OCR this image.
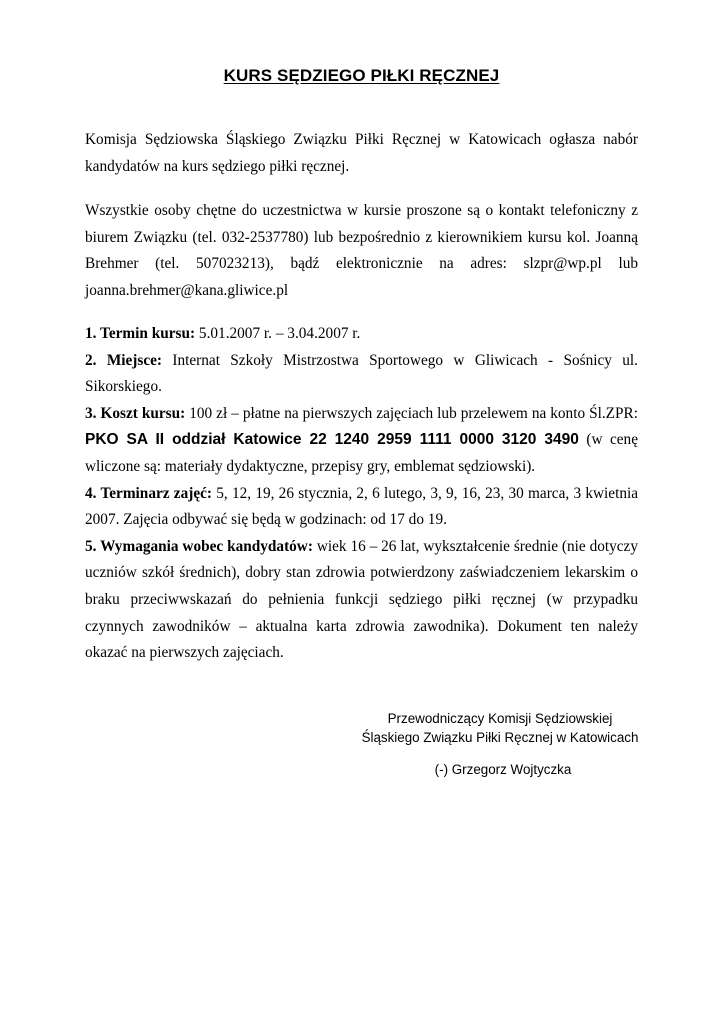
KURS SĘDZIEGO PIŁKI RĘCZNEJ

Komisja Sędziowska Śląskiego Związku Piłki Ręcznej w Katowicach ogłasza nabór kandydatów na kurs sędziego piłki ręcznej.

Wszystkie osoby chętne do uczestnictwa w kursie proszone są o kontakt telefoniczny z biurem Związku (tel. 032-2537780) lub bezpośrednio z kierownikiem kursu kol. Joanną Brehmer (tel. 507023213), bądź elektronicznie na adres: slzpr@wp.pl lub joanna.brehmer@kana.gliwice.pl

1. Termin kursu: 5.01.2007 r. – 3.04.2007 r.

2. Miejsce: Internat Szkoły Mistrzostwa Sportowego w Gliwicach - Sośnicy ul. Sikorskiego.

3. Koszt kursu: 100 zł – płatne na pierwszych zajęciach lub przelewem na konto Śl.ZPR: PKO SA II oddział Katowice 22 1240 2959 1111 0000 3120 3490 (w cenę wliczone są: materiały dydaktyczne, przepisy gry, emblemat sędziowski).

4. Terminarz zajęć: 5, 12, 19, 26 stycznia, 2, 6 lutego, 3, 9, 16, 23, 30 marca, 3 kwietnia 2007. Zajęcia odbywać się będą w godzinach: od 17 do 19.

5. Wymagania wobec kandydatów: wiek 16 – 26 lat, wykształcenie średnie (nie dotyczy uczniów szkół średnich), dobry stan zdrowia potwierdzony zaświadczeniem lekarskim o braku przeciwwskazań do pełnienia funkcji sędziego piłki ręcznej (w przypadku czynnych zawodników – aktualna karta zdrowia zawodnika). Dokument ten należy okazać na pierwszych zajęciach.

Przewodniczący Komisji Sędziowskiej
Śląskiego Związku Piłki Ręcznej w Katowicach
(-) Grzegorz Wojtyczka
